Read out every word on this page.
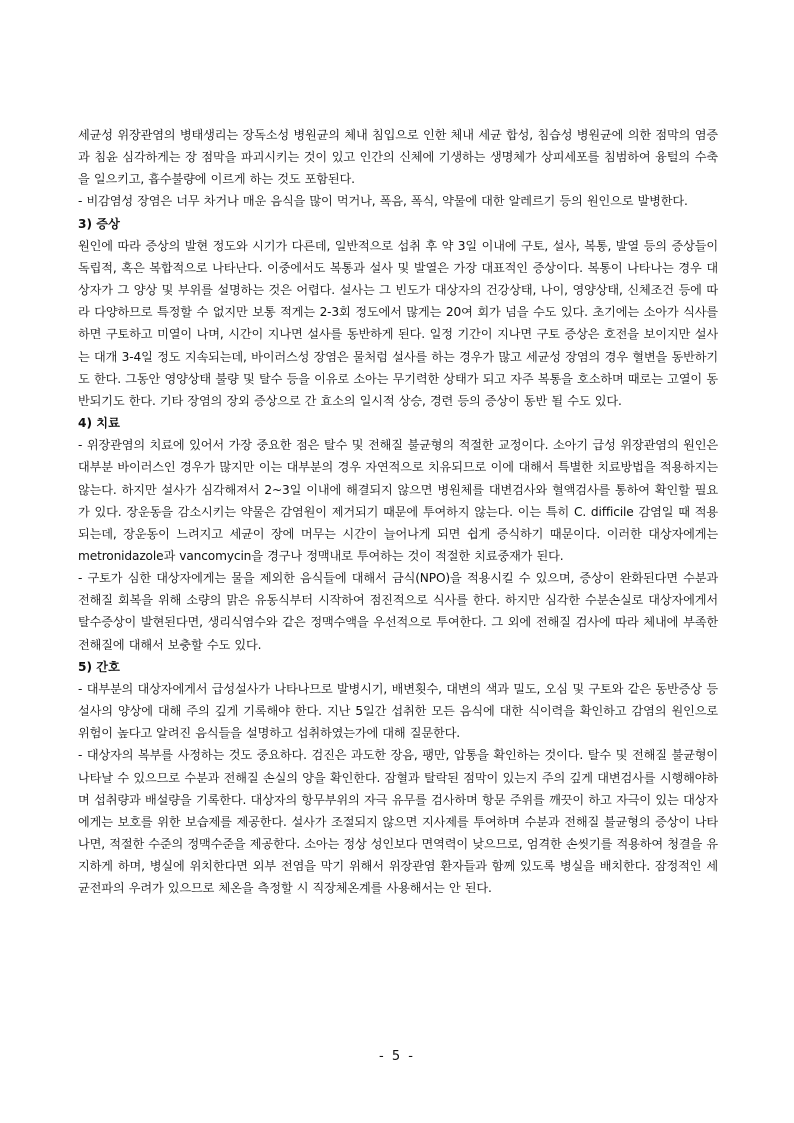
세균성 위장관염의 병태생리는 장독소성 병원균의 체내 침입으로 인한 체내 세균 합성, 침습성 병원균에 의한 점막의 염증과 침윤 심각하게는 장 점막을 파괴시키는 것이 있고 인간의 신체에 기생하는 생명체가 상피세포를 침범하여 융털의 수축을 일으키고, 흡수불량에 이르게 하는 것도 포함된다.

- 비감염성 장염은 너무 차거나 매운 음식을 많이 먹거나, 폭음, 폭식, 약물에 대한 알레르기 등의 원인으로 발병한다.

3) 증상

원인에 따라 증상의 발현 정도와 시기가 다른데, 일반적으로 섭취 후 약 3일 이내에 구토, 설사, 복통, 발열 등의 증상들이 독립적, 혹은 복합적으로 나타난다. 이중에서도 복통과 설사 및 발열은 가장 대표적인 증상이다. 복통이 나타나는 경우 대상자가 그 양상 및 부위를 설명하는 것은 어렵다. 설사는 그 빈도가 대상자의 건강상태, 나이, 영양상태, 신체조건 등에 따라 다양하므로 특정할 수 없지만 보통 적게는 2-3회 정도에서 많게는 20여 회가 넘을 수도 있다. 초기에는 소아가 식사를 하면 구토하고 미열이 나며, 시간이 지나면 설사를 동반하게 된다. 일정 기간이 지나면 구토 증상은 호전을 보이지만 설사는 대개 3-4일 정도 지속되는데, 바이러스성 장염은 물처럼 설사를 하는 경우가 많고 세균성 장염의 경우 혈변을 동반하기도 한다. 그동안 영양상태 불량 및 탈수 등을 이유로 소아는 무기력한 상태가 되고 자주 복통을 호소하며 때로는 고열이 동반되기도 한다. 기타 장염의 장외 증상으로 간 효소의 일시적 상승, 경련 등의 증상이 동반 될 수도 있다.

4) 치료

- 위장관염의 치료에 있어서 가장 중요한 점은 탈수 및 전해질 불균형의 적절한 교정이다. 소아기 급성 위장관염의 원인은 대부분 바이러스인 경우가 많지만 이는 대부분의 경우 자연적으로 치유되므로 이에 대해서 특별한 치료방법을 적용하지는 않는다. 하지만 설사가 심각해져서 2~3일 이내에 해결되지 않으면 병원체를 대변검사와 혈액검사를 통하여 확인할 필요가 있다. 장운동을 감소시키는 약물은 감염원이 제거되기 때문에 투여하지 않는다. 이는 특히 C. difficile 감염일 때 적용되는데, 장운동이 느려지고 세균이 장에 머무는 시간이 늘어나게 되면 쉽게 증식하기 때문이다. 이러한 대상자에게는 metronidazole과 vancomycin을 경구나 정맥내로 투여하는 것이 적절한 치료중재가 된다.

- 구토가 심한 대상자에게는 물을 제외한 음식들에 대해서 금식(NPO)을 적용시킬 수 있으며, 증상이 완화된다면 수분과 전해질 회복을 위해 소량의 맑은 유동식부터 시작하여 점진적으로 식사를 한다. 하지만 심각한 수분손실로 대상자에게서 탈수증상이 발현된다면, 생리식염수와 같은 정맥수액을 우선적으로 투여한다. 그 외에 전해질 검사에 따라 체내에 부족한 전해질에 대해서 보충할 수도 있다.

5) 간호

- 대부분의 대상자에게서 급성설사가 나타나므로 발병시기, 배변횟수, 대변의 색과 밀도, 오심 및 구토와 같은 동반증상 등 설사의 양상에 대해 주의 깊게 기록해야 한다. 지난 5일간 섭취한 모든 음식에 대한 식이력을 확인하고 감염의 원인으로 위험이 높다고 알려진 음식들을 설명하고 섭취하였는가에 대해 질문한다.

- 대상자의 복부를 사정하는 것도 중요하다. 검진은 과도한 장음, 팽만, 압통을 확인하는 것이다. 탈수 및 전해질 불균형이 나타날 수 있으므로 수분과 전해질 손실의 양을 확인한다. 잠혈과 탈락된 점막이 있는지 주의 깊게 대변검사를 시행해야하며 섭취량과 배설량을 기록한다. 대상자의 항무부위의 자극 유무를 검사하며 항문 주위를 깨끗이 하고 자극이 있는 대상자에게는 보호를 위한 보습제를 제공한다. 설사가 조절되지 않으면 지사제를 투여하며 수분과 전해질 불균형의 증상이 나타나면, 적절한 수준의 정맥수준을 제공한다. 소아는 정상 성인보다 면역력이 낮으므로, 엄격한 손씻기를 적용하여 청결을 유지하게 하며, 병실에 위치한다면 외부 전염을 막기 위해서 위장관염 환자들과 함께 있도록 병실을 배치한다. 잠정적인 세균전파의 우려가 있으므로 체온을 측정할 시 직장체온계를 사용해서는 안 된다.

- 5 -
